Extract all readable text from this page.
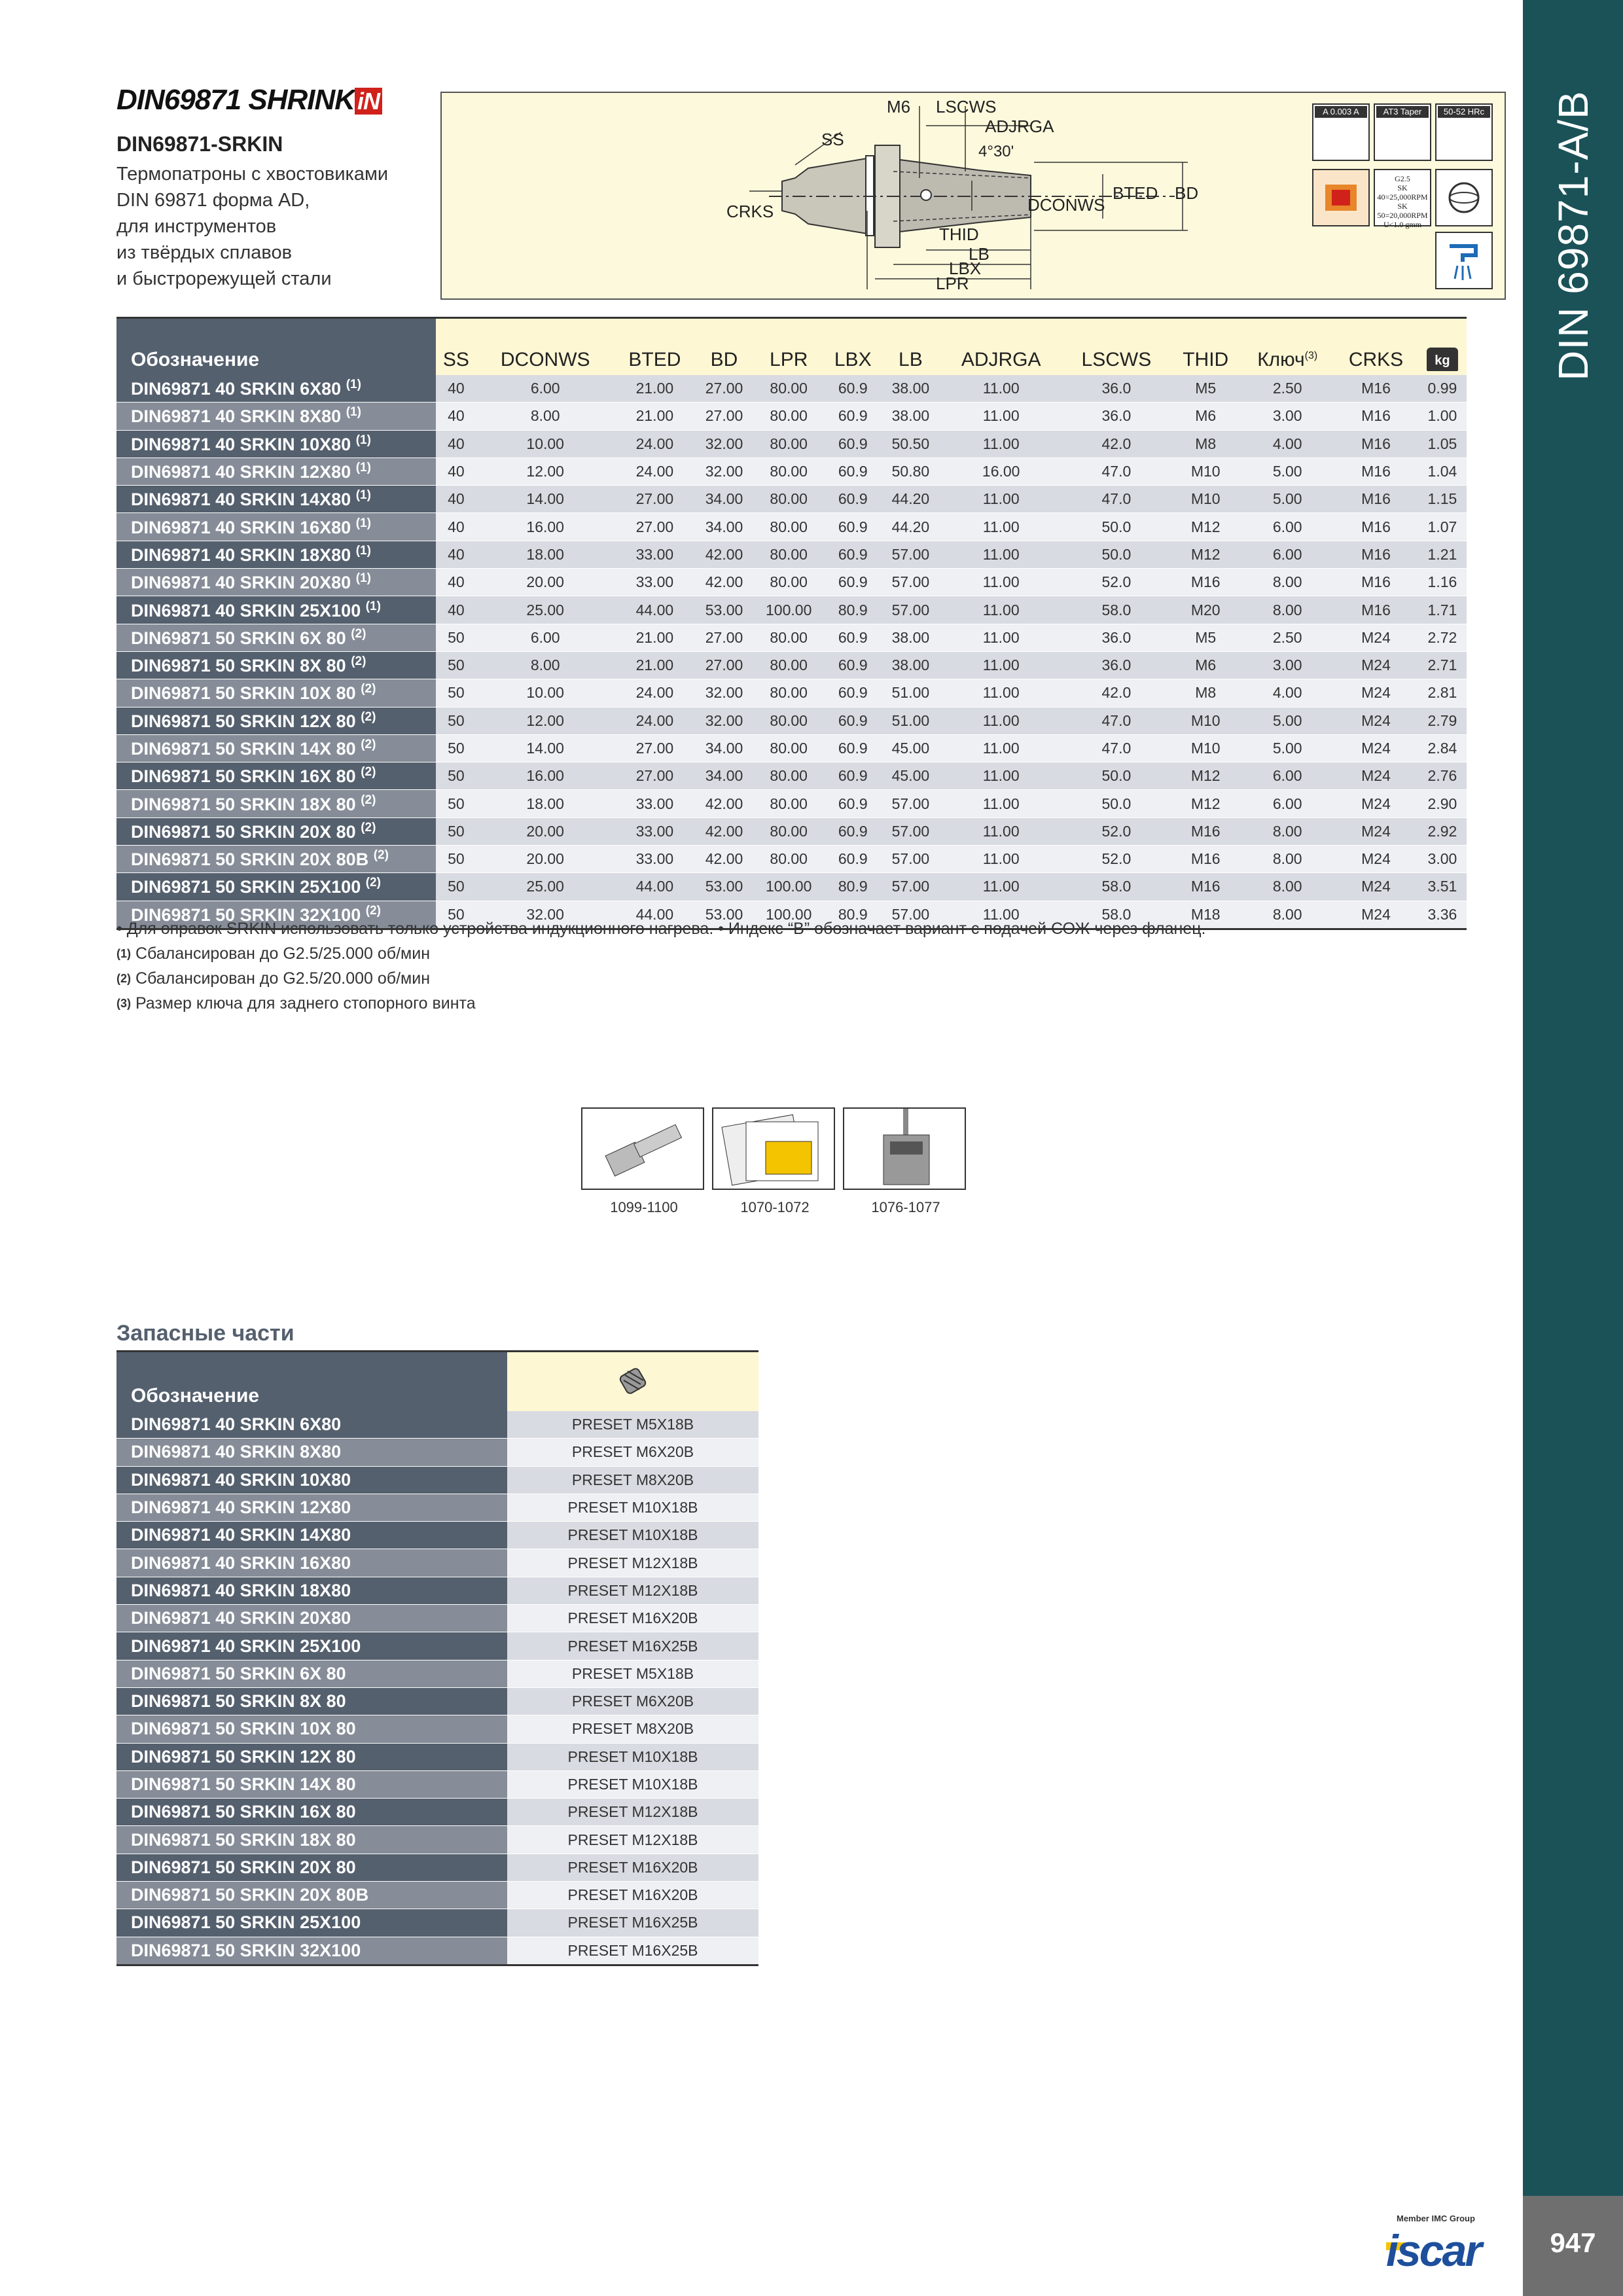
DIN 69871-A/B
947
DIN69871 SHRINK iN
DIN69871-SRKIN
Термопатроны с хвостовиками
DIN 69871 форма AD,
для инструментов
из твёрдых сплавов
и быстрорежущей стали
M6 LSCWS
ADJRGA
4°30'
SS
CRKS	DCONWS
BTED BD
THID
LB
LBX
LPR
A 0.003 A	AT3 Taper	50-52 HRc
G2.5
SK 40=25,000RPM
SK 50=20,000RPM
U<1.0 gmm
Обозначение	SS	DCONWS	BTED	BD	LPR	LBX	LB	ADJRGA	LSCWS	THID	Ключ$^{(3)}$	CRKS	kg
DIN69871 40 SRKIN 6X80 $^{(1)}$	40	6.00	21.00	27.00	80.00	60.9	38.00	11.00	36.0	M5	2.50	M16	0.99
DIN69871 40 SRKIN 8X80 $^{(1)}$	40	8.00	21.00	27.00	80.00	60.9	38.00	11.00	36.0	M6	3.00	M16	1.00
DIN69871 40 SRKIN 10X80 $^{(1)}$	40	10.00	24.00	32.00	80.00	60.9	50.50	11.00	42.0	M8	4.00	M16	1.05
DIN69871 40 SRKIN 12X80 $^{(1)}$	40	12.00	24.00	32.00	80.00	60.9	50.80	16.00	47.0	M10	5.00	M16	1.04
DIN69871 40 SRKIN 14X80 $^{(1)}$	40	14.00	27.00	34.00	80.00	60.9	44.20	11.00	47.0	M10	5.00	M16	1.15
DIN69871 40 SRKIN 16X80 $^{(1)}$	40	16.00	27.00	34.00	80.00	60.9	44.20	11.00	50.0	M12	6.00	M16	1.07
DIN69871 40 SRKIN 18X80 $^{(1)}$	40	18.00	33.00	42.00	80.00	60.9	57.00	11.00	50.0	M12	6.00	M16	1.21
DIN69871 40 SRKIN 20X80 $^{(1)}$	40	20.00	33.00	42.00	80.00	60.9	57.00	11.00	52.0	M16	8.00	M16	1.16
DIN69871 40 SRKIN 25X100 $^{(1)}$	40	25.00	44.00	53.00	100.00	80.9	57.00	11.00	58.0	M20	8.00	M16	1.71
DIN69871 50 SRKIN 6X 80 $^{(2)}$	50	6.00	21.00	27.00	80.00	60.9	38.00	11.00	36.0	M5	2.50	M24	2.72
DIN69871 50 SRKIN 8X 80 $^{(2)}$	50	8.00	21.00	27.00	80.00	60.9	38.00	11.00	36.0	M6	3.00	M24	2.71
DIN69871 50 SRKIN 10X 80 $^{(2)}$	50	10.00	24.00	32.00	80.00	60.9	51.00	11.00	42.0	M8	4.00	M24	2.81
DIN69871 50 SRKIN 12X 80 $^{(2)}$	50	12.00	24.00	32.00	80.00	60.9	51.00	11.00	47.0	M10	5.00	M24	2.79
DIN69871 50 SRKIN 14X 80 $^{(2)}$	50	14.00	27.00	34.00	80.00	60.9	45.00	11.00	47.0	M10	5.00	M24	2.84
DIN69871 50 SRKIN 16X 80 $^{(2)}$	50	16.00	27.00	34.00	80.00	60.9	45.00	11.00	50.0	M12	6.00	M24	2.76
DIN69871 50 SRKIN 18X 80 $^{(2)}$	50	18.00	33.00	42.00	80.00	60.9	57.00	11.00	50.0	M12	6.00	M24	2.90
DIN69871 50 SRKIN 20X 80 $^{(2)}$	50	20.00	33.00	42.00	80.00	60.9	57.00	11.00	52.0	M16	8.00	M24	2.92
DIN69871 50 SRKIN 20X 80B $^{(2)}$	50	20.00	33.00	42.00	80.00	60.9	57.00	11.00	52.0	M16	8.00	M24	3.00
DIN69871 50 SRKIN 25X100 $^{(2)}$	50	25.00	44.00	53.00	100.00	80.9	57.00	11.00	58.0	M16	8.00	M24	3.51
DIN69871 50 SRKIN 32X100 $^{(2)}$	50	32.00	44.00	53.00	100.00	80.9	57.00	11.00	58.0	M18	8.00	M24	3.36
• Для оправок SRKIN использовать только устройства индукционного нагрева. • Индекс “B” обозначает вариант с подачей СОЖ через фланец.
$^{(1)}$ Сбалансирован до G2.5/25.000 об/мин
$^{(2)}$ Сбалансирован до G2.5/20.000 об/мин
$^{(3)}$ Размер ключа для заднего стопорного винта
1099-1100	1070-1072	1076-1077
Запасные части
Обозначение	
DIN69871 40 SRKIN 6X80	PRESET M5X18B
DIN69871 40 SRKIN 8X80	PRESET M6X20B
DIN69871 40 SRKIN 10X80	PRESET M8X20B
DIN69871 40 SRKIN 12X80	PRESET M10X18B
DIN69871 40 SRKIN 14X80	PRESET M10X18B
DIN69871 40 SRKIN 16X80	PRESET M12X18B
DIN69871 40 SRKIN 18X80	PRESET M12X18B
DIN69871 40 SRKIN 20X80	PRESET M16X20B
DIN69871 40 SRKIN 25X100	PRESET M16X25B
DIN69871 50 SRKIN 6X 80	PRESET M5X18B
DIN69871 50 SRKIN 8X 80	PRESET M6X20B
DIN69871 50 SRKIN 10X 80	PRESET M8X20B
DIN69871 50 SRKIN 12X 80	PRESET M10X18B
DIN69871 50 SRKIN 14X 80	PRESET M10X18B
DIN69871 50 SRKIN 16X 80	PRESET M12X18B
DIN69871 50 SRKIN 18X 80	PRESET M12X18B
DIN69871 50 SRKIN 20X 80	PRESET M16X20B
DIN69871 50 SRKIN 20X 80B	PRESET M16X20B
DIN69871 50 SRKIN 25X100	PRESET M16X25B
DIN69871 50 SRKIN 32X100	PRESET M16X25B
Member IMC Group
iscar
